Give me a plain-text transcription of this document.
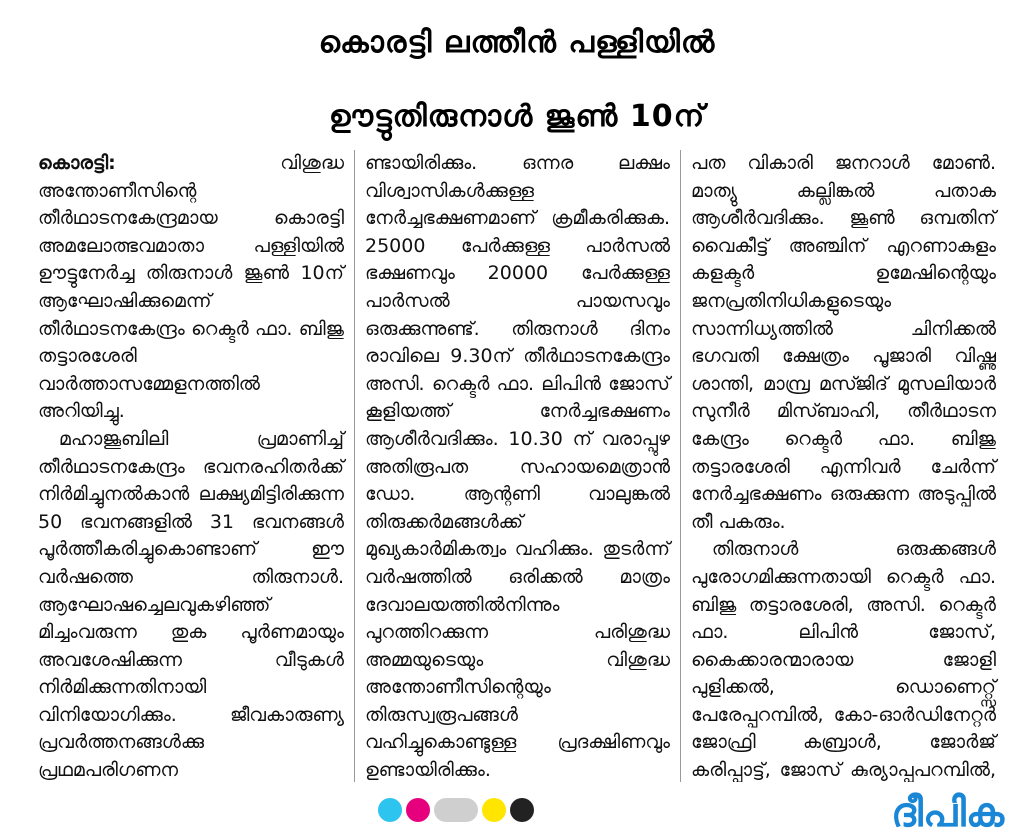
കൊരട്ടി ലത്തീൻ പള്ളിയിൽ
ഊട്ടുതിരുനാൾ ജൂൺ 10ന്

കൊരട്ടി: വിശുദ്ധ അന്തോണീസിന്റെ തീർഥാടനകേന്ദ്രമായ കൊരട്ടി അമലോത്ഭവമാതാ പള്ളിയിൽ ഊട്ടുനേർച്ച തിരുനാൾ ജൂൺ 10ന് ആഘോഷിക്കുമെന്ന് തീർഥാടനകേന്ദ്രം റെക്ടർ ഫാ. ബിജു തട്ടാരശേരി വാർത്താസമ്മേളനത്തിൽ അറിയിച്ചു.

മഹാജൂബിലി പ്രമാണിച്ച് തീർഥാടനകേന്ദ്രം ഭവനരഹിതർക്ക് നിർമിച്ചുനൽകാൻ ലക്ഷ്യമിട്ടിരിക്കുന്ന 50 ഭവനങ്ങളിൽ 31 ഭവനങ്ങൾ പൂർത്തീകരിച്ചുകൊണ്ടാണ് ഈ വർഷത്തെ തിരുനാൾ. ആഘോഷച്ചെലവുകഴിഞ്ഞ് മിച്ചംവരുന്ന തുക പൂർണമായും അവശേഷിക്കുന്ന വീടുകൾ നിർമിക്കുന്നതിനായി വിനിയോഗിക്കും. ജീവകാരുണ്യ പ്രവർത്തനങ്ങൾക്കു പ്രഥമപരിഗണന

ണ്ടായിരിക്കും. ഒന്നര ലക്ഷം വിശ്വാസികൾക്കുള്ള നേർച്ചഭക്ഷണമാണ് ക്രമീകരിക്കുക. 25000 പേർക്കുള്ള പാർസൽ ഭക്ഷണവും 20000 പേർക്കുള്ള പാർസൽ പായസവും ഒരുക്കുന്നുണ്ട്. തിരുനാൾ ദിനം രാവിലെ 9.30ന് തീർഥാടനകേന്ദ്രം അസി. റെക്ടർ ഫാ. ലിപിൻ ജോസ് കൂളിയത്ത് നേർച്ചഭക്ഷണം ആശീർവദിക്കും. 10.30 ന് വരാപ്പുഴ അതിരൂപത സഹായമെത്രാൻ ഡോ. ആന്റണി വാലുങ്കൽ തിരുക്കർമങ്ങൾക്ക് മുഖ്യകാർമികത്വം വഹിക്കും. തുടർന്ന് വർഷത്തിൽ ഒരിക്കൽ മാത്രം ദേവാലയത്തിൽനിന്നും പുറത്തിറക്കുന്ന പരിശുദ്ധ അമ്മയുടെയും വിശുദ്ധ അന്തോണീസിന്റെയും തിരുസ്വരൂപങ്ങൾ വഹിച്ചുകൊണ്ടുള്ള പ്രദക്ഷിണവും ഉണ്ടായിരിക്കും.

പത വികാരി ജനറാൾ മോൺ. മാത്യു കല്ലിങ്കൽ പതാക ആശീർവദിക്കും. ജൂൺ ഒമ്പതിന് വൈകീട്ട് അഞ്ചിന് എറണാകുളം കളക്ടർ ഉമേഷിന്റെയും ജനപ്രതിനിധികളുടെയും സാന്നിധ്യത്തിൽ ചിനിക്കൽ ഭഗവതി ക്ഷേത്രം പൂജാരി വിഷ്ണു ശാന്തി, മാമ്പ്ര മസ്ജിദ് മുസലിയാർ സുനീർ മിസ്ബാഹി, തീർഥാടന കേന്ദ്രം റെക്ടർ ഫാ. ബിജു തട്ടാരശേരി എന്നിവർ ചേർന്ന് നേർച്ചഭക്ഷണം ഒരുക്കുന്ന അടുപ്പിൽ തീ പകരും.

തിരുനാൾ ഒരുക്കങ്ങൾ പുരോഗമിക്കുന്നതായി റെക്ടർ ഫാ. ബിജു തട്ടാരശേരി, അസി. റെക്ടർ ഫാ. ലിപിൻ ജോസ്, കൈക്കാരന്മാരായ ജോളി പുളിക്കൽ, ഡൊണെറ്റ്സ് പേരേപ്പറമ്പിൽ, കോ-ഓർഡിനേറ്റർ ജോഫ്രി കബ്രാൾ, ജോർജ് കരിപ്പാട്ട്, ജോസ് കുര്യാപ്പപറമ്പിൽ,

ദീപിക
